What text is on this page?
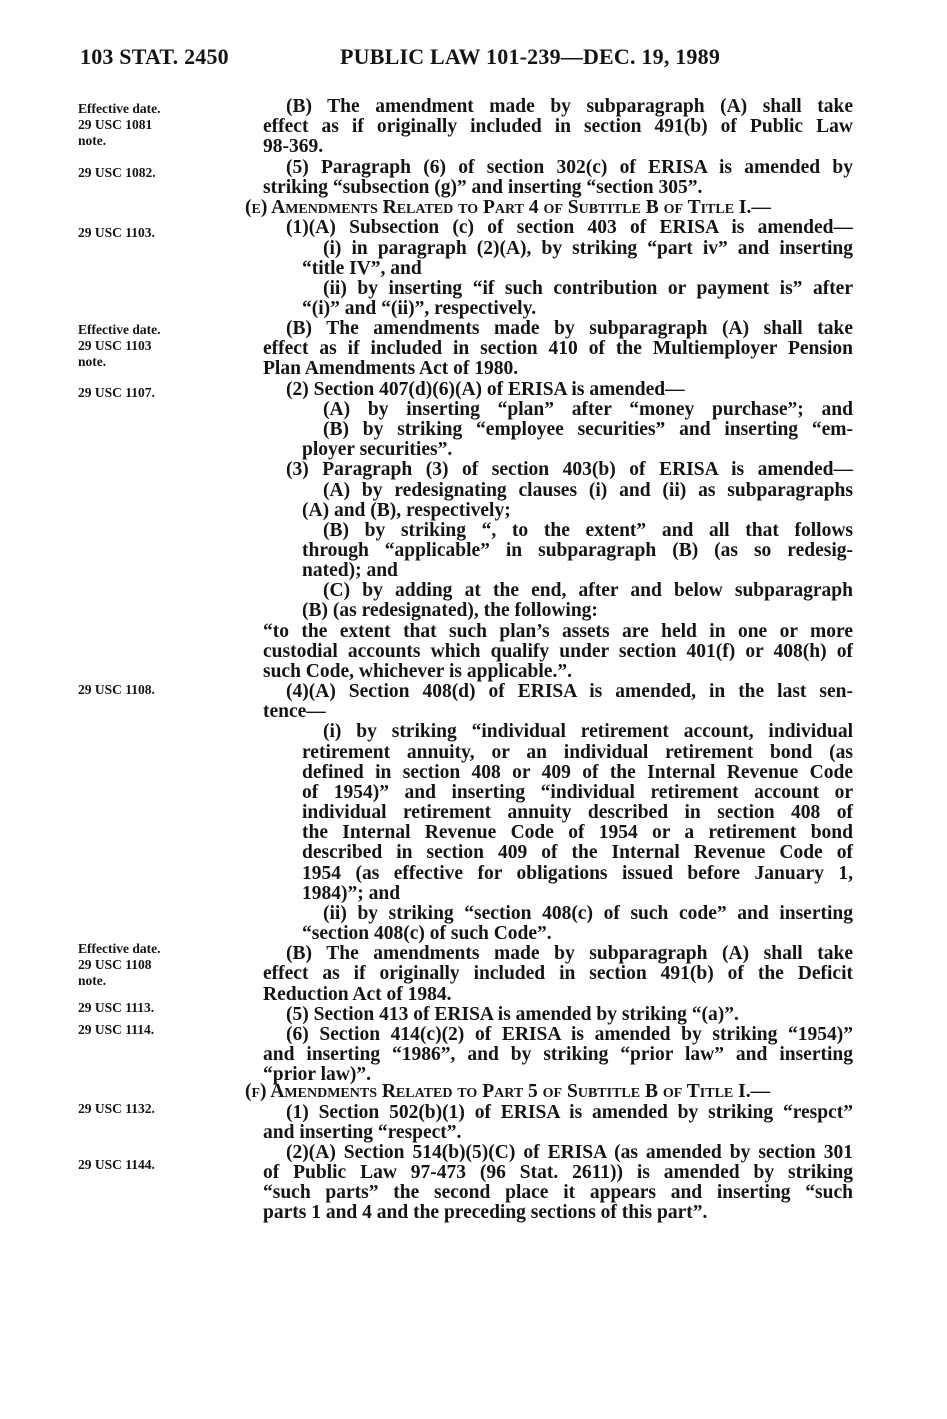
103 STAT. 2450	PUBLIC LAW 101-239—DEC. 19, 1989
Effective date.
29 USC 1081
note.
29 USC 1082.
29 USC 1103.
Effective date.
29 USC 1103
note.
29 USC 1107.
29 USC 1108.
Effective date.
29 USC 1108
note.
29 USC 1113.
29 USC 1114.
29 USC 1132.
29 USC 1144.
(B) The amendment made by subparagraph (A) shall take
effect as if originally included in section 491(b) of Public Law
98-369.
(5) Paragraph (6) of section 302(c) of ERISA is amended by
striking “subsection (g)” and inserting “section 305”.
(e) Amendments Related to Part 4 of Subtitle B of Title I.—
(1)(A) Subsection (c) of section 403 of ERISA is amended—
(i) in paragraph (2)(A), by striking “part iv” and inserting
“title IV”, and
(ii) by inserting “if such contribution or payment is” after
“(i)” and “(ii)”, respectively.
(B) The amendments made by subparagraph (A) shall take
effect as if included in section 410 of the Multiemployer Pension
Plan Amendments Act of 1980.
(2) Section 407(d)(6)(A) of ERISA is amended—
(A) by inserting “plan” after “money purchase”; and
(B) by striking “employee securities” and inserting “em-
ployer securities”.
(3) Paragraph (3) of section 403(b) of ERISA is amended—
(A) by redesignating clauses (i) and (ii) as subparagraphs
(A) and (B), respectively;
(B) by striking “, to the extent” and all that follows
through “applicable” in subparagraph (B) (as so redesig-
nated); and
(C) by adding at the end, after and below subparagraph
(B) (as redesignated), the following:
“to the extent that such plan’s assets are held in one or more
custodial accounts which qualify under section 401(f) or 408(h) of
such Code, whichever is applicable.”.
(4)(A) Section 408(d) of ERISA is amended, in the last sen-
tence—
(i) by striking “individual retirement account, individual
retirement annuity, or an individual retirement bond (as
defined in section 408 or 409 of the Internal Revenue Code
of 1954)” and inserting “individual retirement account or
individual retirement annuity described in section 408 of
the Internal Revenue Code of 1954 or a retirement bond
described in section 409 of the Internal Revenue Code of
1954 (as effective for obligations issued before January 1,
1984)”; and
(ii) by striking “section 408(c) of such code” and inserting
“section 408(c) of such Code”.
(B) The amendments made by subparagraph (A) shall take
effect as if originally included in section 491(b) of the Deficit
Reduction Act of 1984.
(5) Section 413 of ERISA is amended by striking “(a)”.
(6) Section 414(c)(2) of ERISA is amended by striking “1954)”
and inserting “1986”, and by striking “prior law” and inserting
“prior law)”.
(f) Amendments Related to Part 5 of Subtitle B of Title I.—
(1) Section 502(b)(1) of ERISA is amended by striking “respct”
and inserting “respect”.
(2)(A) Section 514(b)(5)(C) of ERISA (as amended by section 301
of Public Law 97-473 (96 Stat. 2611)) is amended by striking
“such parts” the second place it appears and inserting “such
parts 1 and 4 and the preceding sections of this part”.
